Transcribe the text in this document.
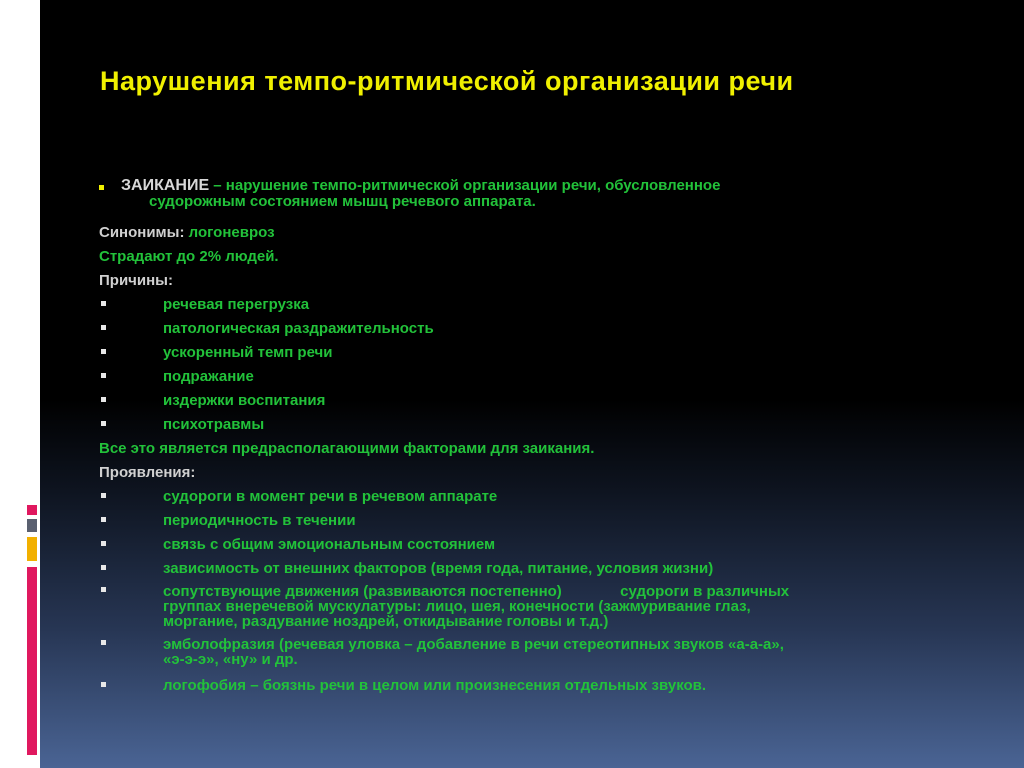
Нарушения темпо-ритмической организации речи
ЗАИКАНИЕ – нарушение темпо-ритмической организации речи, обусловленное
судорожным состоянием мышц речевого аппарата.
Синонимы: логоневроз
Страдают до 2% людей.
Причины:
речевая перегрузка
патологическая раздражительность
ускоренный темп речи
подражание
издержки воспитания
психотравмы
Все это является предрасполагающими факторами для заикания.
Проявления:
судороги в момент речи в речевом аппарате
периодичность в течении
связь с общим эмоциональным состоянием
зависимость от внешних факторов (время года, питание, условия жизни)
сопутствующие движения (развиваются постепенно)              судороги в различных
группах внеречевой мускулатуры: лицо, шея, конечности (зажмуривание глаз,
моргание, раздувание ноздрей, откидывание головы и т.д.)
эмболофразия (речевая уловка – добавление в речи стереотипных звуков «а-а-а»,
«э-э-э», «ну» и др.
логофобия – боязнь речи в целом или произнесения отдельных звуков.
